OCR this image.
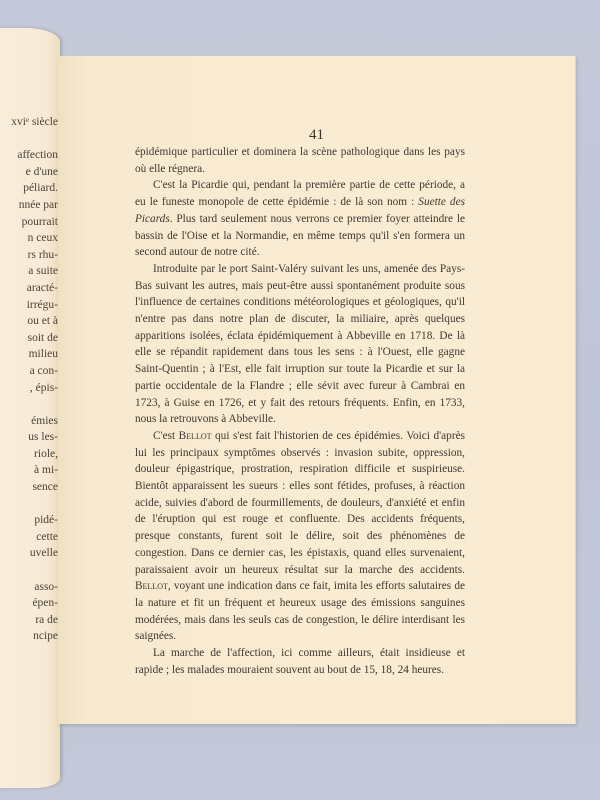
xviᵉ siècle
affection
e d'une
péliard.
nnée par
pourrait
n ceux
rs rhu-
a suite
aracté-
irrégu-
ou et à
soit de
milieu
a con-
, épis-
émies
us les-
riole,
à mi-
sence
pidé-
cette
uvelle
asso-
épen-
ra de
ncipe
41

épidémique particulier et dominera la scène pathologique dans les pays où elle régnera.

C'est la Picardie qui, pendant la première partie de cette période, a eu le funeste monopole de cette épidémie : de là son nom : Suette des Picards. Plus tard seulement nous verrons ce premier foyer atteindre le bassin de l'Oise et la Normandie, en même temps qu'il s'en formera un second autour de notre cité.

Introduite par le port Saint-Valéry suivant les uns, amenée des Pays-Bas suivant les autres, mais peut-être aussi spontanément produite sous l'influence de certaines conditions météorologiques et géologiques, qu'il n'entre pas dans notre plan de discuter, la miliaire, après quelques apparitions isolées, éclata épidémiquement à Abbeville en 1718. De là elle se répandit rapidement dans tous les sens : à l'Ouest, elle gagne Saint-Quentin ; à l'Est, elle fait irruption sur toute la Picardie et sur la partie occidentale de la Flandre ; elle sévit avec fureur à Cambrai en 1723, à Guise en 1726, et y fait des retours fréquents. Enfin, en 1733, nous la retrouvons à Abbeville.

C'est Bellot qui s'est fait l'historien de ces épidémies. Voici d'après lui les principaux symptômes observés : invasion subite, oppression, douleur épigastrique, prostration, respiration difficile et suspirieuse. Bientôt apparaissent les sueurs : elles sont fétides, profuses, à réaction acide, suivies d'abord de fourmillements, de douleurs, d'anxiété et enfin de l'éruption qui est rouge et confluente. Des accidents fréquents, presque constants, furent soit le délire, soit des phénomènes de congestion. Dans ce dernier cas, les épistaxis, quand elles survenaient, paraissaient avoir un heureux résultat sur la marche des accidents. Bellot, voyant une indication dans ce fait, imita les efforts salutaires de la nature et fit un fréquent et heureux usage des émissions sanguines modérées, mais dans les seuls cas de congestion, le délire interdisant les saignées.

La marche de l'affection, ici comme ailleurs, était insidieuse et rapide ; les malades mouraient souvent au bout de 15, 18, 24 heures.
